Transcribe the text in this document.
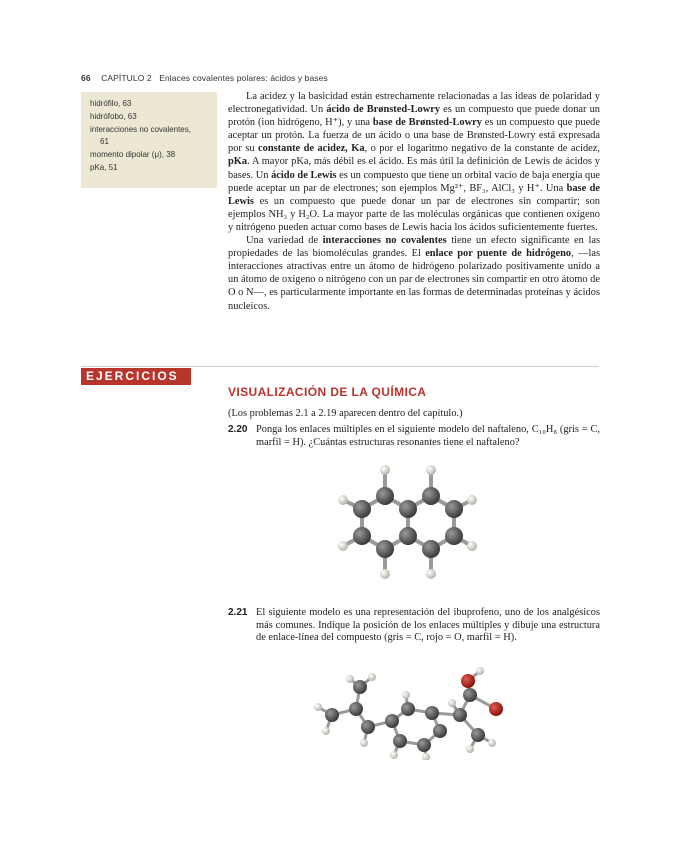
66 CAPÍTULO 2 Enlaces covalentes polares: ácidos y bases
hidrófilo, 63
hidrófobo, 63
interacciones no covalentes,
61
momento dipolar (μ), 38
pKa, 51

La acidez y la basicidad están estrechamente relacionadas a las ideas de polaridad y electronegatividad. Un ácido de Brønsted-Lowry es un compuesto que puede donar un protón (ion hidrógeno, H⁺), y una base de Brønsted-Lowry es un compuesto que puede aceptar un protón. La fuerza de un ácido o una base de Brønsted-Lowry está expresada por su constante de acidez, Ka, o por el logaritmo negativo de la constante de acidez, pKa. A mayor pKa, más débil es el ácido. Es más útil la definición de Lewis de ácidos y bases. Un ácido de Lewis es un compuesto que tiene un orbital vacío de baja energía que puede aceptar un par de electrones; son ejemplos Mg²⁺, BF₃, AlCl₃ y H⁺. Una base de Lewis es un compuesto que puede donar un par de electrones sin compartir; son ejemplos NH₃ y H₂O. La mayor parte de las moléculas orgánicas que contienen oxígeno y nitrógeno pueden actuar como bases de Lewis hacia los ácidos suficientemente fuertes.

Una variedad de interacciones no covalentes tiene un efecto significante en las propiedades de las biomoléculas grandes. El enlace por puente de hidrógeno, —las interacciones atractivas entre un átomo de hidrógeno polarizado positivamente unido a un átomo de oxígeno o nitrógeno con un par de electrones sin compartir en otro átomo de O o N—, es particularmente importante en las formas de determinadas proteínas y ácidos nucleicos.

EJERCICIOS
VISUALIZACIÓN DE LA QUÍMICA
(Los problemas 2.1 a 2.19 aparecen dentro del capítulo.)
2.20 Ponga los enlaces múltiples en el siguiente modelo del naftaleno, C₁₀H₈ (gris = C, marfil = H). ¿Cuántas estructuras resonantes tiene el naftaleno?
2.21 El siguiente modelo es una representación del ibuprofeno, uno de los analgésicos más comunes. Indique la posición de los enlaces múltiples y dibuje una estructura de enlace-línea del compuesto (gris = C, rojo = O, marfil = H).
